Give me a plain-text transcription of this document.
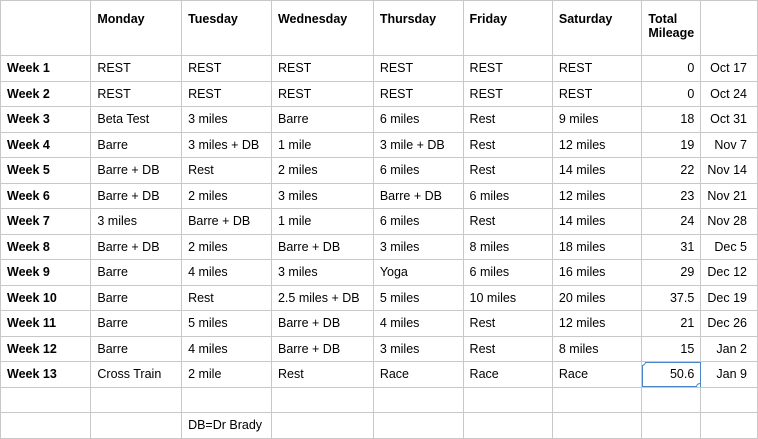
	Monday	Tuesday	Wednesday	Thursday	Friday	Saturday	Total Mileage	
Week 1	REST	REST	REST	REST	REST	REST	0	Oct 17
Week 2	REST	REST	REST	REST	REST	REST	0	Oct 24
Week 3	Beta Test	3 miles	Barre	6 miles	Rest	9 miles	18	Oct 31
Week 4	Barre	3 miles + DB	1 mile	3 mile + DB	Rest	12 miles	19	Nov 7
Week 5	Barre + DB	Rest	2 miles	6 miles	Rest	14 miles	22	Nov 14
Week 6	Barre + DB	2 miles	3 miles	Barre + DB	6 miles	12 miles	23	Nov 21
Week 7	3 miles	Barre + DB	1 mile	6 miles	Rest	14 miles	24	Nov 28
Week 8	Barre + DB	2 miles	Barre + DB	3 miles	8 miles	18 miles	31	Dec 5
Week 9	Barre	4 miles	3 miles	Yoga	6 miles	16 miles	29	Dec 12
Week 10	Barre	Rest	2.5 miles + DB	5 miles	10 miles	20 miles	37.5	Dec 19
Week 11	Barre	5 miles	Barre + DB	4 miles	Rest	12 miles	21	Dec 26
Week 12	Barre	4 miles	Barre + DB	3 miles	Rest	8 miles	15	Jan 2
Week 13	Cross Train	2 mile	Rest	Race	Race	Race	50.6	Jan 9

		DB=Dr Brady						
